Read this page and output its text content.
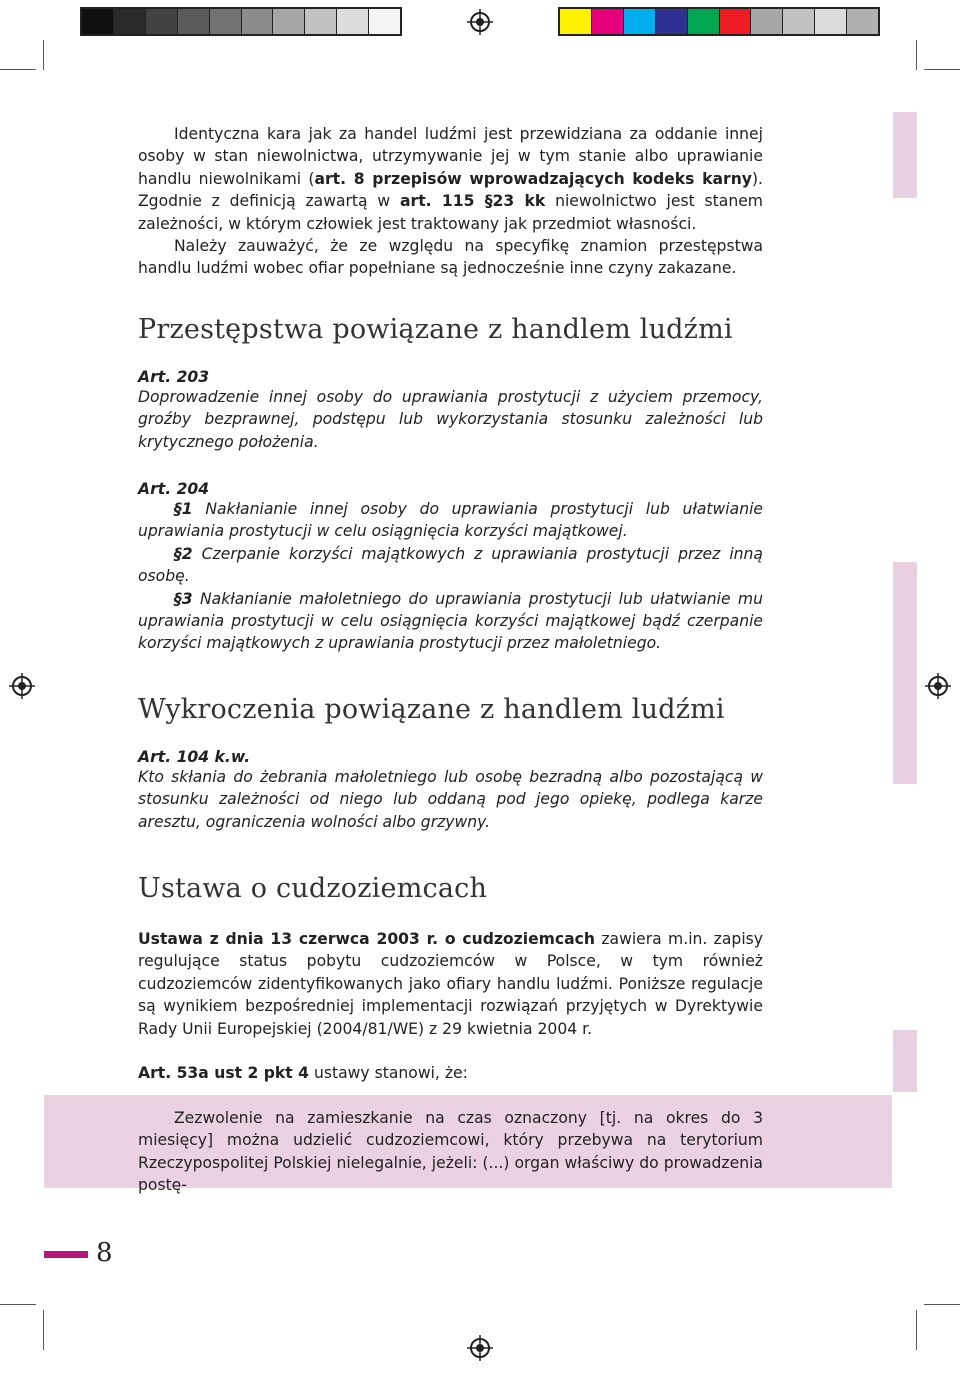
Identyczna kara jak za handel ludźmi jest przewidziana za oddanie innej osoby w stan niewolnictwa, utrzymywanie jej w tym stanie albo uprawianie handlu niewolnikami (art. 8 przepisów wprowadzających kodeks karny). Zgodnie z definicją zawartą w art. 115 §23 kk niewolnictwo jest stanem zależności, w którym człowiek jest traktowany jak przedmiot własności.

Należy zauważyć, że ze względu na specyfikę znamion przestępstwa handlu ludźmi wobec ofiar popełniane są jednocześnie inne czyny zakazane.

Przestępstwa powiązane z handlem ludźmi
Art. 203
Doprowadzenie innej osoby do uprawiania prostytucji z użyciem przemocy, groźby bezprawnej, podstępu lub wykorzystania stosunku zależności lub krytycznego położenia.
Art. 204

§1 Nakłanianie innej osoby do uprawiania prostytucji lub ułatwianie uprawiania prostytucji w celu osiągnięcia korzyści majątkowej.

§2 Czerpanie korzyści majątkowych z uprawiania prostytucji przez inną osobę.

§3 Nakłanianie małoletniego do uprawiania prostytucji lub ułatwianie mu uprawiania prostytucji w celu osiągnięcia korzyści majątkowej bądź czerpanie korzyści majątkowych z uprawiania prostytucji przez małoletniego.

Wykroczenia powiązane z handlem ludźmi
Art. 104 k.w.
Kto skłania do żebrania małoletniego lub osobę bezradną albo pozostającą w stosunku zależności od niego lub oddaną pod jego opiekę, podlega karze aresztu, ograniczenia wolności albo grzywny.
Ustawa o cudzoziemcach

Ustawa z dnia 13 czerwca 2003 r. o cudzoziemcach zawiera m.in. zapisy regulujące status pobytu cudzoziemców w Polsce, w tym również cudzoziemców zidentyfikowanych jako ofiary handlu ludźmi. Poniższe regulacje są wynikiem bezpośredniej implementacji rozwiązań przyjętych w Dyrektywie Rady Unii Europejskiej (2004/81/WE) z 29 kwietnia 2004 r.

Art. 53a ust 2 pkt 4 ustawy stanowi, że:

Zezwolenie na zamieszkanie na czas oznaczony [tj. na okres do 3 miesięcy] można udzielić cudzoziemcowi, który przebywa na terytorium Rzeczypospolitej Polskiej nielegalnie, jeżeli: (...) organ właściwy do prowadzenia postę-

8
